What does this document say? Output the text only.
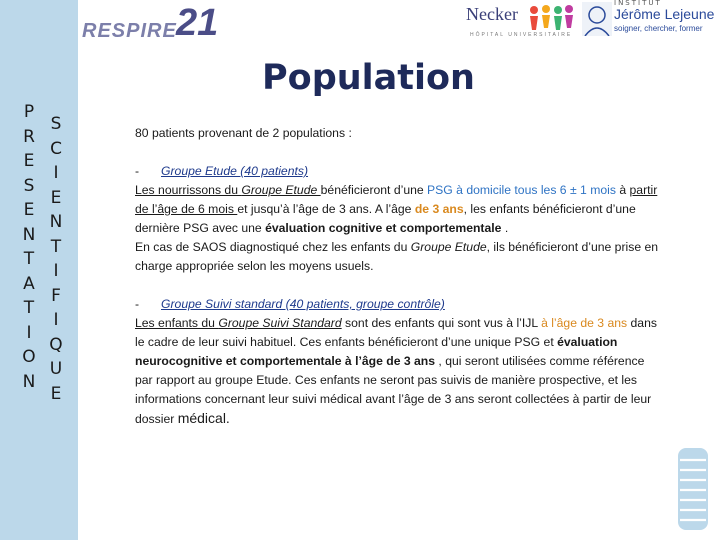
P
R
E
S
E
N
T
A
T
I
O
N
S
C
I
E
N
T
I
F
I
Q
U
E
RESPIRE 21	Necker
HÔPITAL UNIVERSITAIRE
INSTITUT
Jérôme Lejeune
soigner, chercher, former
Population

80 patients provenant de 2 populations :

- Groupe Etude (40 patients)

Les nourrissons du Groupe Etude bénéficieront d’une PSG à domicile tous les 6 ± 1 mois à partir de l’âge de 6 mois et jusqu’à l’âge de 3 ans. A l’âge de 3 ans, les enfants bénéficieront d’une dernière PSG avec une évaluation cognitive et comportementale .

En cas de SAOS diagnostiqué chez les enfants du Groupe Etude, ils bénéficieront d’une prise en charge appropriée selon les moyens usuels.

- Groupe Suivi standard (40 patients, groupe contrôle)

Les enfants du Groupe Suivi Standard sont des enfants qui sont vus à l’IJL à l’âge de 3 ans dans le cadre de leur suivi habituel. Ces enfants bénéficieront d’une unique PSG et évaluation neurocognitive et comportementale à l’âge de 3 ans , qui seront utilisées comme référence par rapport au groupe Etude. Ces enfants ne seront pas suivis de manière prospective, et les informations concernant leur suivi médical avant l’âge de 3 ans seront collectées à partir de leur dossier médical.
